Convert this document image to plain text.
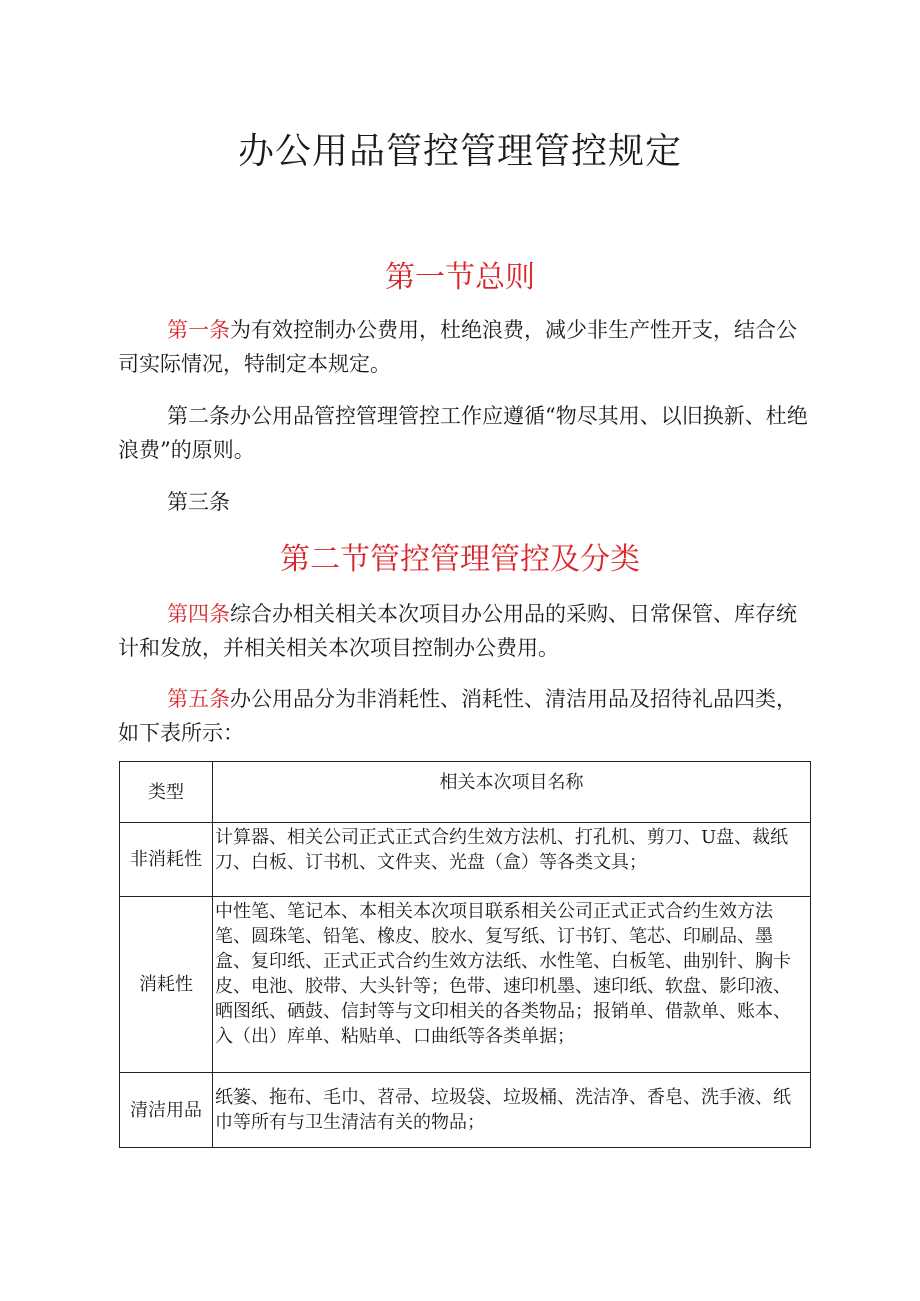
办公用品管控管理管控规定
第一节总则

第一条为有效控制办公费用，杜绝浪费，减少非生产性开支，结合公司实际情况，特制定本规定。

第二条办公用品管控管理管控工作应遵循“物尽其用、以旧换新、杜绝浪费”的原则。

第三条

第二节管控管理管控及分类

第四条综合办相关相关本次项目办公用品的采购、日常保管、库存统计和发放，并相关相关本次项目控制办公费用。

第五条办公用品分为非消耗性、消耗性、清洁用品及招待礼品四类，如下表所示：

类型	相关本次项目名称
非消耗性	计算器、相关公司正式正式合约生效方法机、打孔机、剪刀、U盘、裁纸刀、白板、订书机、文件夹、光盘（盒）等各类文具；
消耗性	中性笔、笔记本、本相关本次项目联系相关公司正式正式合约生效方法笔、圆珠笔、铅笔、橡皮、胶水、复写纸、订书钉、笔芯、印刷品、墨盒、复印纸、正式正式合约生效方法纸、水性笔、白板笔、曲别针、胸卡皮、电池、胶带、大头针等；色带、速印机墨、速印纸、软盘、影印液、晒图纸、硒鼓、信封等与文印相关的各类物品；报销单、借款单、账本、入（出）库单、粘贴单、口曲纸等各类单据；
清洁用品	纸篓、拖布、毛巾、苕帚、垃圾袋、垃圾桶、洗洁净、香皂、洗手液、纸巾等所有与卫生清洁有关的物品；
